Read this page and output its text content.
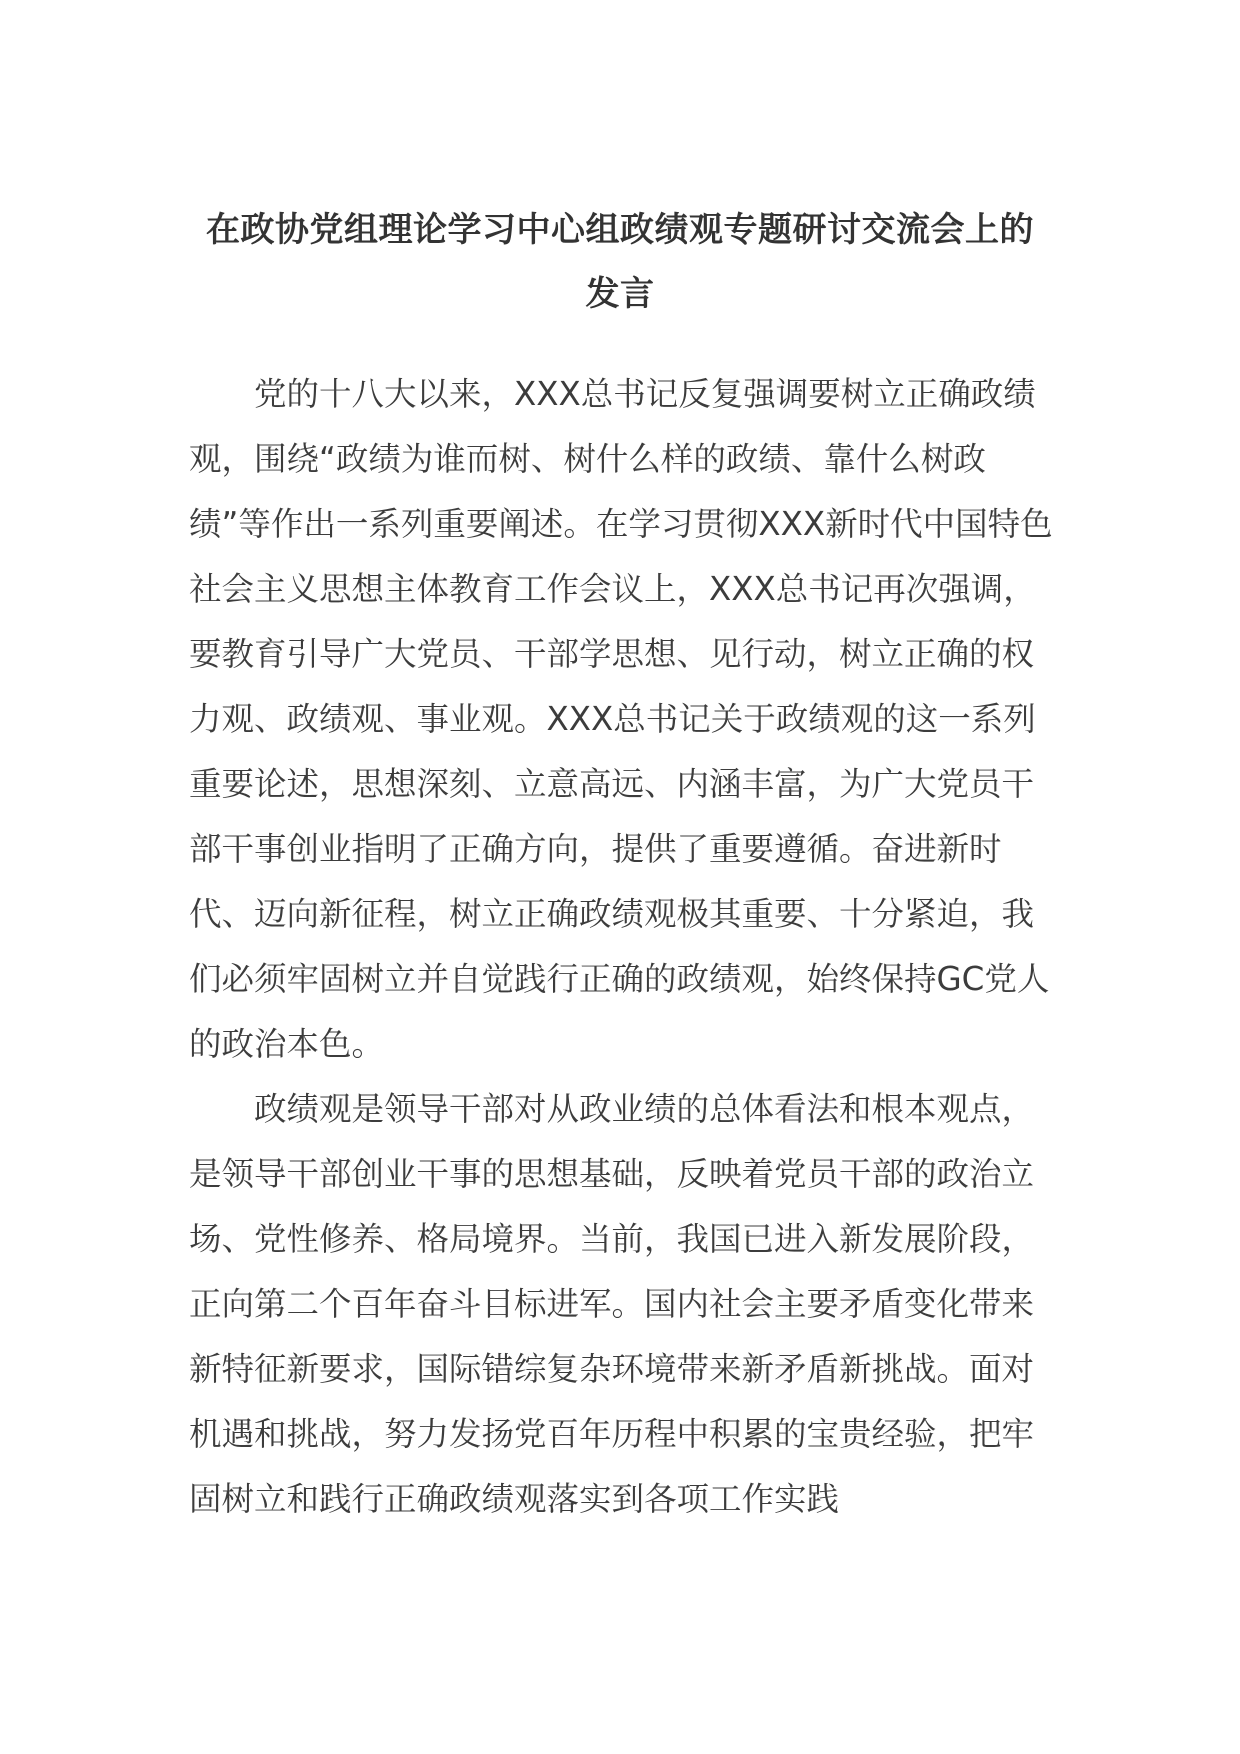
在政协党组理论学习中心组政绩观专题研讨交流会上的发言

党的十八大以来，XXX总书记反复强调要树立正确政绩观，围绕“政绩为谁而树、树什么样的政绩、靠什么树政绩”等作出一系列重要阐述。在学习贯彻XXX新时代中国特色社会主义思想主体教育工作会议上，XXX总书记再次强调，要教育引导广大党员、干部学思想、见行动，树立正确的权力观、政绩观、事业观。XXX总书记关于政绩观的这一系列重要论述，思想深刻、立意高远、内涵丰富，为广大党员干部干事创业指明了正确方向，提供了重要遵循。奋进新时代、迈向新征程，树立正确政绩观极其重要、十分紧迫，我们必须牢固树立并自觉践行正确的政绩观，始终保持GC党人的政治本色。

政绩观是领导干部对从政业绩的总体看法和根本观点，是领导干部创业干事的思想基础，反映着党员干部的政治立场、党性修养、格局境界。当前，我国已进入新发展阶段，正向第二个百年奋斗目标进军。国内社会主要矛盾变化带来新特征新要求，国际错综复杂环境带来新矛盾新挑战。面对机遇和挑战，努力发扬党百年历程中积累的宝贵经验，把牢固树立和践行正确政绩观落实到各项工作实践
